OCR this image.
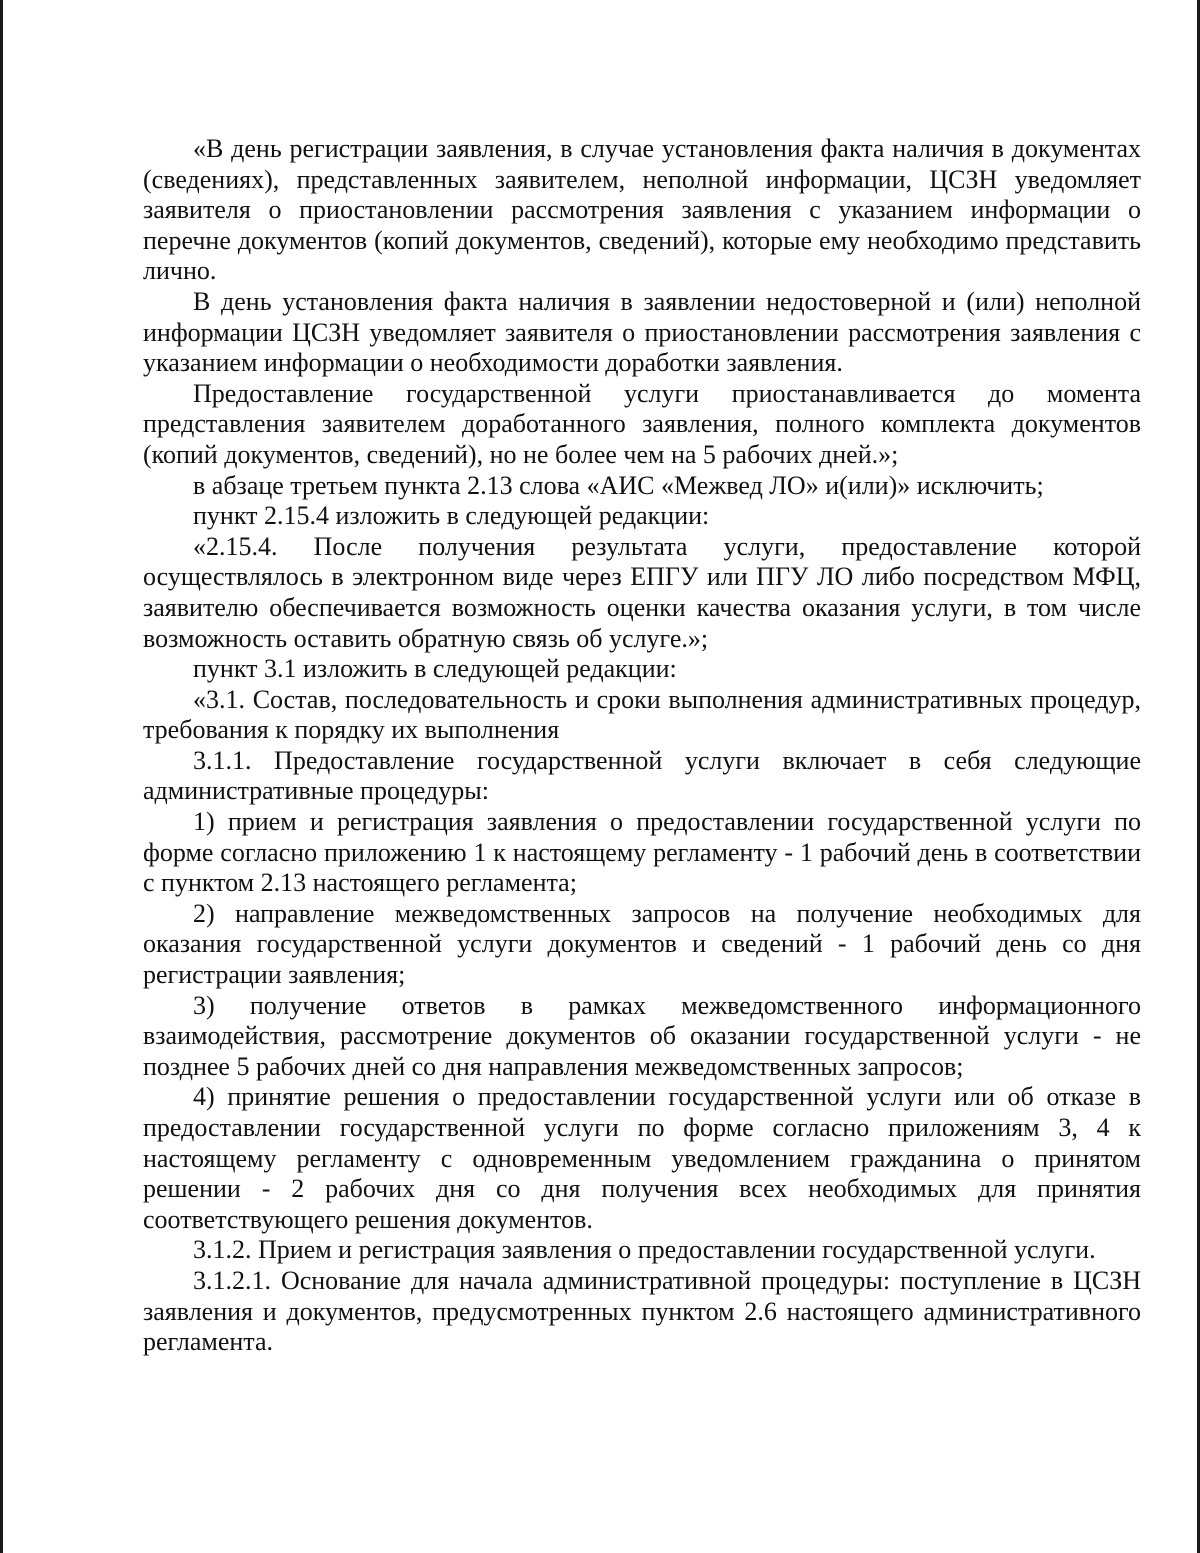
«В день регистрации заявления, в случае установления факта наличия в документах (сведениях), представленных заявителем, неполной информации, ЦСЗН уведомляет заявителя о приостановлении рассмотрения заявления с указанием информации о перечне документов (копий документов, сведений), которые ему необходимо представить лично.

В день установления факта наличия в заявлении недостоверной и (или) неполной информации ЦСЗН уведомляет заявителя о приостановлении рассмотрения заявления с указанием информации о необходимости доработки заявления.

Предоставление государственной услуги приостанавливается до момента представления заявителем доработанного заявления, полного комплекта документов (копий документов, сведений), но не более чем на 5 рабочих дней.»;

в абзаце третьем пункта 2.13 слова «АИС «Межвед ЛО» и(или)» исключить;

пункт 2.15.4 изложить в следующей редакции:

«2.15.4. После получения результата услуги, предоставление которой осуществлялось в электронном виде через ЕПГУ или ПГУ ЛО либо посредством МФЦ, заявителю обеспечивается возможность оценки качества оказания услуги, в том числе возможность оставить обратную связь об услуге.»;

пункт 3.1 изложить в следующей редакции:

«3.1. Состав, последовательность и сроки выполнения административных процедур, требования к порядку их выполнения

3.1.1. Предоставление государственной услуги включает в себя следующие административные процедуры:

1) прием и регистрация заявления о предоставлении государственной услуги по форме согласно приложению 1 к настоящему регламенту - 1 рабочий день в соответствии с пунктом 2.13 настоящего регламента;

2) направление межведомственных запросов на получение необходимых для оказания государственной услуги документов и сведений - 1 рабочий день со дня регистрации заявления;

3) получение ответов в рамках межведомственного информационного взаимодействия, рассмотрение документов об оказании государственной услуги - не позднее 5 рабочих дней со дня направления межведомственных запросов;

4) принятие решения о предоставлении государственной услуги или об отказе в предоставлении государственной услуги по форме согласно приложениям 3, 4 к настоящему регламенту с одновременным уведомлением гражданина о принятом решении - 2 рабочих дня со дня получения всех необходимых для принятия соответствующего решения документов.

3.1.2. Прием и регистрация заявления о предоставлении государственной услуги.

3.1.2.1. Основание для начала административной процедуры: поступление в ЦСЗН заявления и документов, предусмотренных пунктом 2.6 настоящего административного регламента.
